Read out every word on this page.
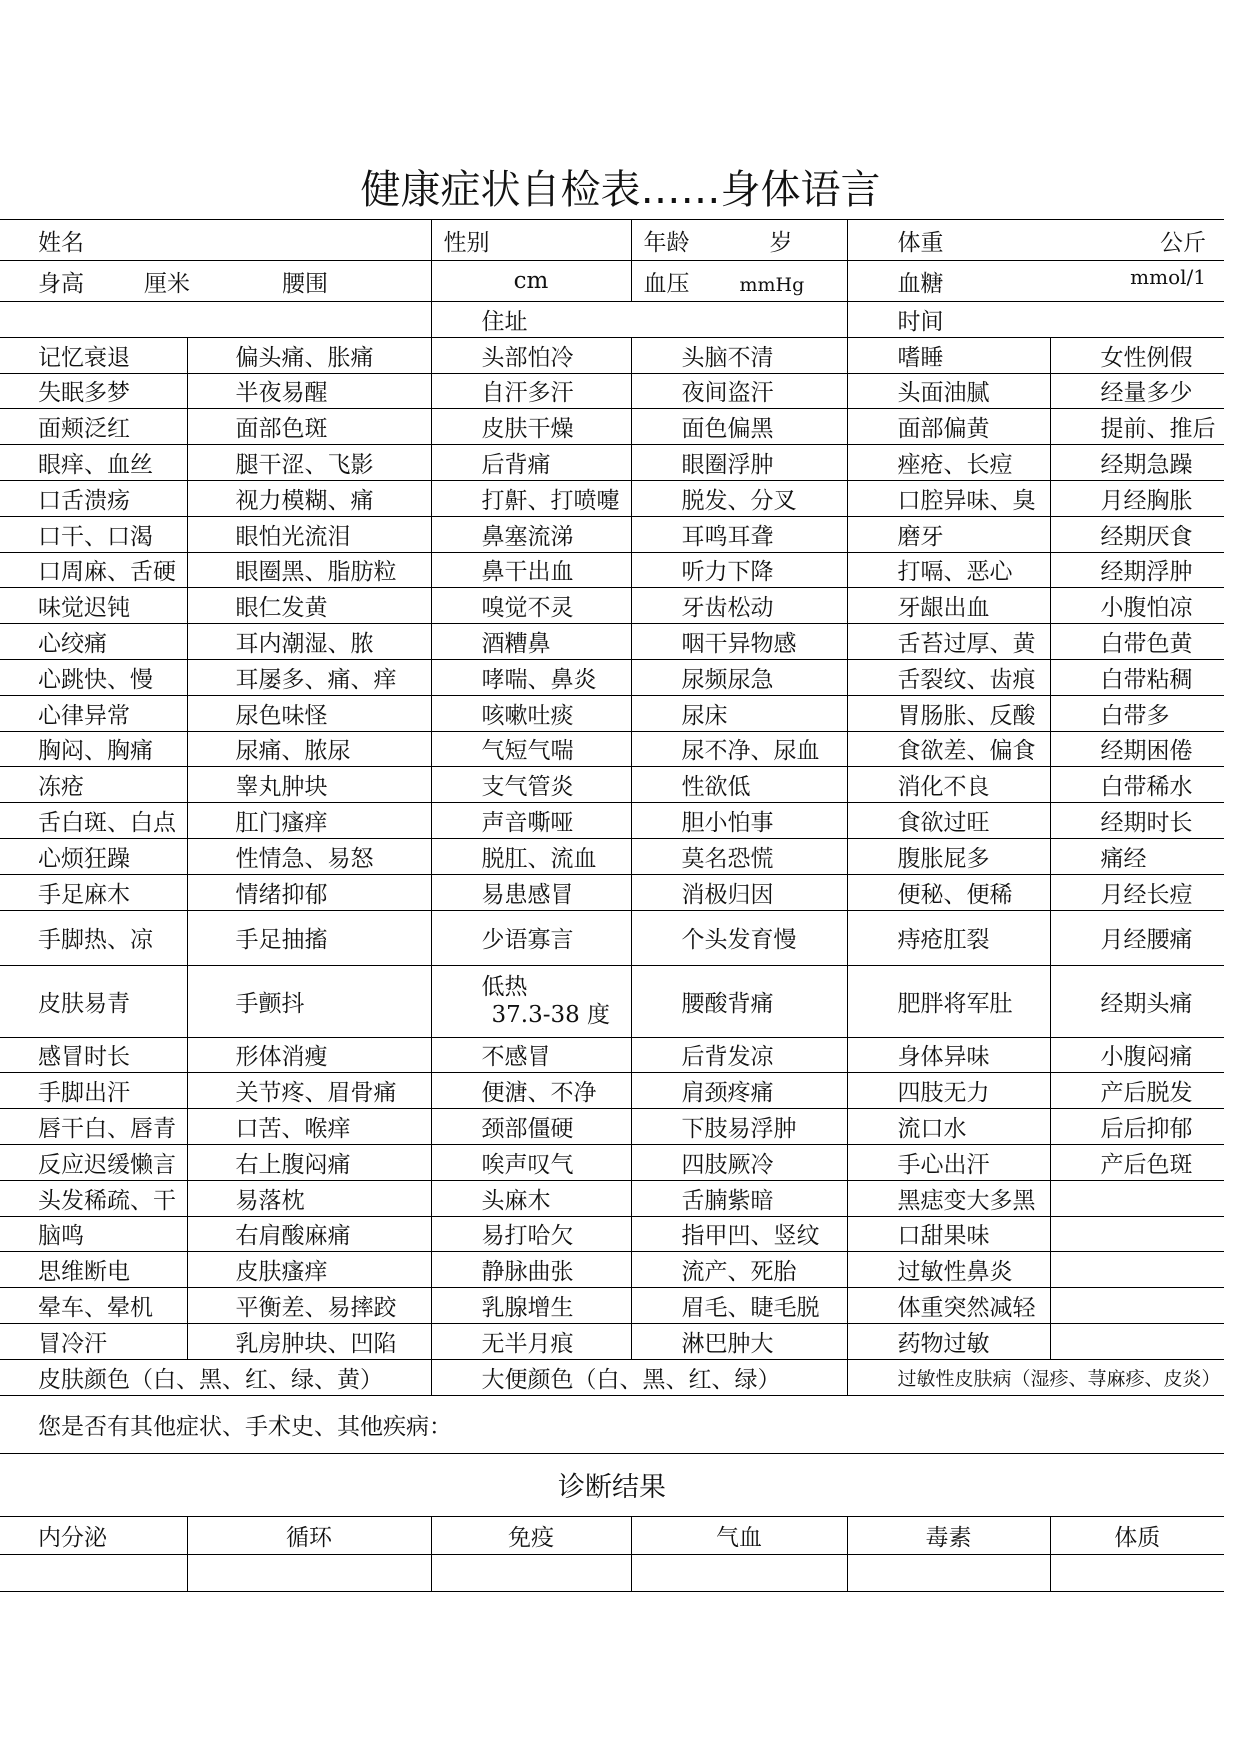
健康症状自检表……身体语言
姓名		性别	年龄 岁	体重 公斤	

身高 厘米 腰围		cm	血压 mmHg	血糖 mmol/1	

		住址		时间	
记忆衰退	偏头痛、胀痛	头部怕冷	头脑不清	嗜睡	女性例假
失眠多梦	半夜易醒	自汗多汗	夜间盗汗	头面油腻	经量多少
面颊泛红	面部色斑	皮肤干燥	面色偏黑	面部偏黄	提前、推后
眼痒、血丝	腿干涩、飞影	后背痛	眼圈浮肿	痤疮、长痘	经期急躁
口舌溃疡	视力模糊、痛	打鼾、打喷嚏	脱发、分叉	口腔异味、臭	月经胸胀
口干、口渴	眼怕光流泪	鼻塞流涕	耳鸣耳聋	磨牙	经期厌食
口周麻、舌硬	眼圈黑、脂肪粒	鼻干出血	听力下降	打嗝、恶心	经期浮肿
味觉迟钝	眼仁发黄	嗅觉不灵	牙齿松动	牙龈出血	小腹怕凉
心绞痛	耳内潮湿、脓	酒糟鼻	咽干异物感	舌苔过厚、黄	白带色黄
心跳快、慢	耳屡多、痛、痒	哮喘、鼻炎	尿频尿急	舌裂纹、齿痕	白带粘稠
心律异常	尿色味怪	咳嗽吐痰	尿床	胃肠胀、反酸	白带多
胸闷、胸痛	尿痛、脓尿	气短气喘	尿不净、尿血	食欲差、偏食	经期困倦
冻疮	睾丸肿块	支气管炎	性欲低	消化不良	白带稀水
舌白斑、白点	肛门瘙痒	声音嘶哑	胆小怕事	食欲过旺	经期时长
心烦狂躁	性情急、易怒	脱肛、流血	莫名恐慌	腹胀屁多	痛经
手足麻木	情绪抑郁	易患感冒	消极归因	便秘、便稀	月经长痘
手脚热、凉	手足抽搐	少语寡言	个头发育慢	痔疮肛裂	月经腰痛
皮肤易青	手颤抖	低热
37.3-38 度	腰酸背痛	肥胖将军肚	经期头痛
感冒时长	形体消瘦	不感冒	后背发凉	身体异味	小腹闷痛
手脚出汗	关节疼、眉骨痛	便溏、不净	肩颈疼痛	四肢无力	产后脱发
唇干白、唇青	口苦、喉痒	颈部僵硬	下肢易浮肿	流口水	后后抑郁
反应迟缓懒言	右上腹闷痛	唉声叹气	四肢厥冷	手心出汗	产后色斑
头发稀疏、干	易落枕	头麻木	舌腩紫暗	黑痣变大多黑	
脑鸣	右肩酸麻痛	易打哈欠	指甲凹、竖纹	口甜果味	
思维断电	皮肤瘙痒	静脉曲张	流产、死胎	过敏性鼻炎	
晕车、晕机	平衡差、易摔跤	乳腺增生	眉毛、睫毛脱	体重突然减轻	
冒冷汗	乳房肿块、凹陷	无半月痕	淋巴肿大	药物过敏	
皮肤颜色（白、黑、红、绿、黄）		大便颜色（白、黑、红、绿）		过敏性皮肤病（湿疹、荨麻疹、皮炎）	
您是否有其他症状、手术史、其他疾病：					
诊断结果					
内分泌	循环	免疫	气血	毒素	体质
